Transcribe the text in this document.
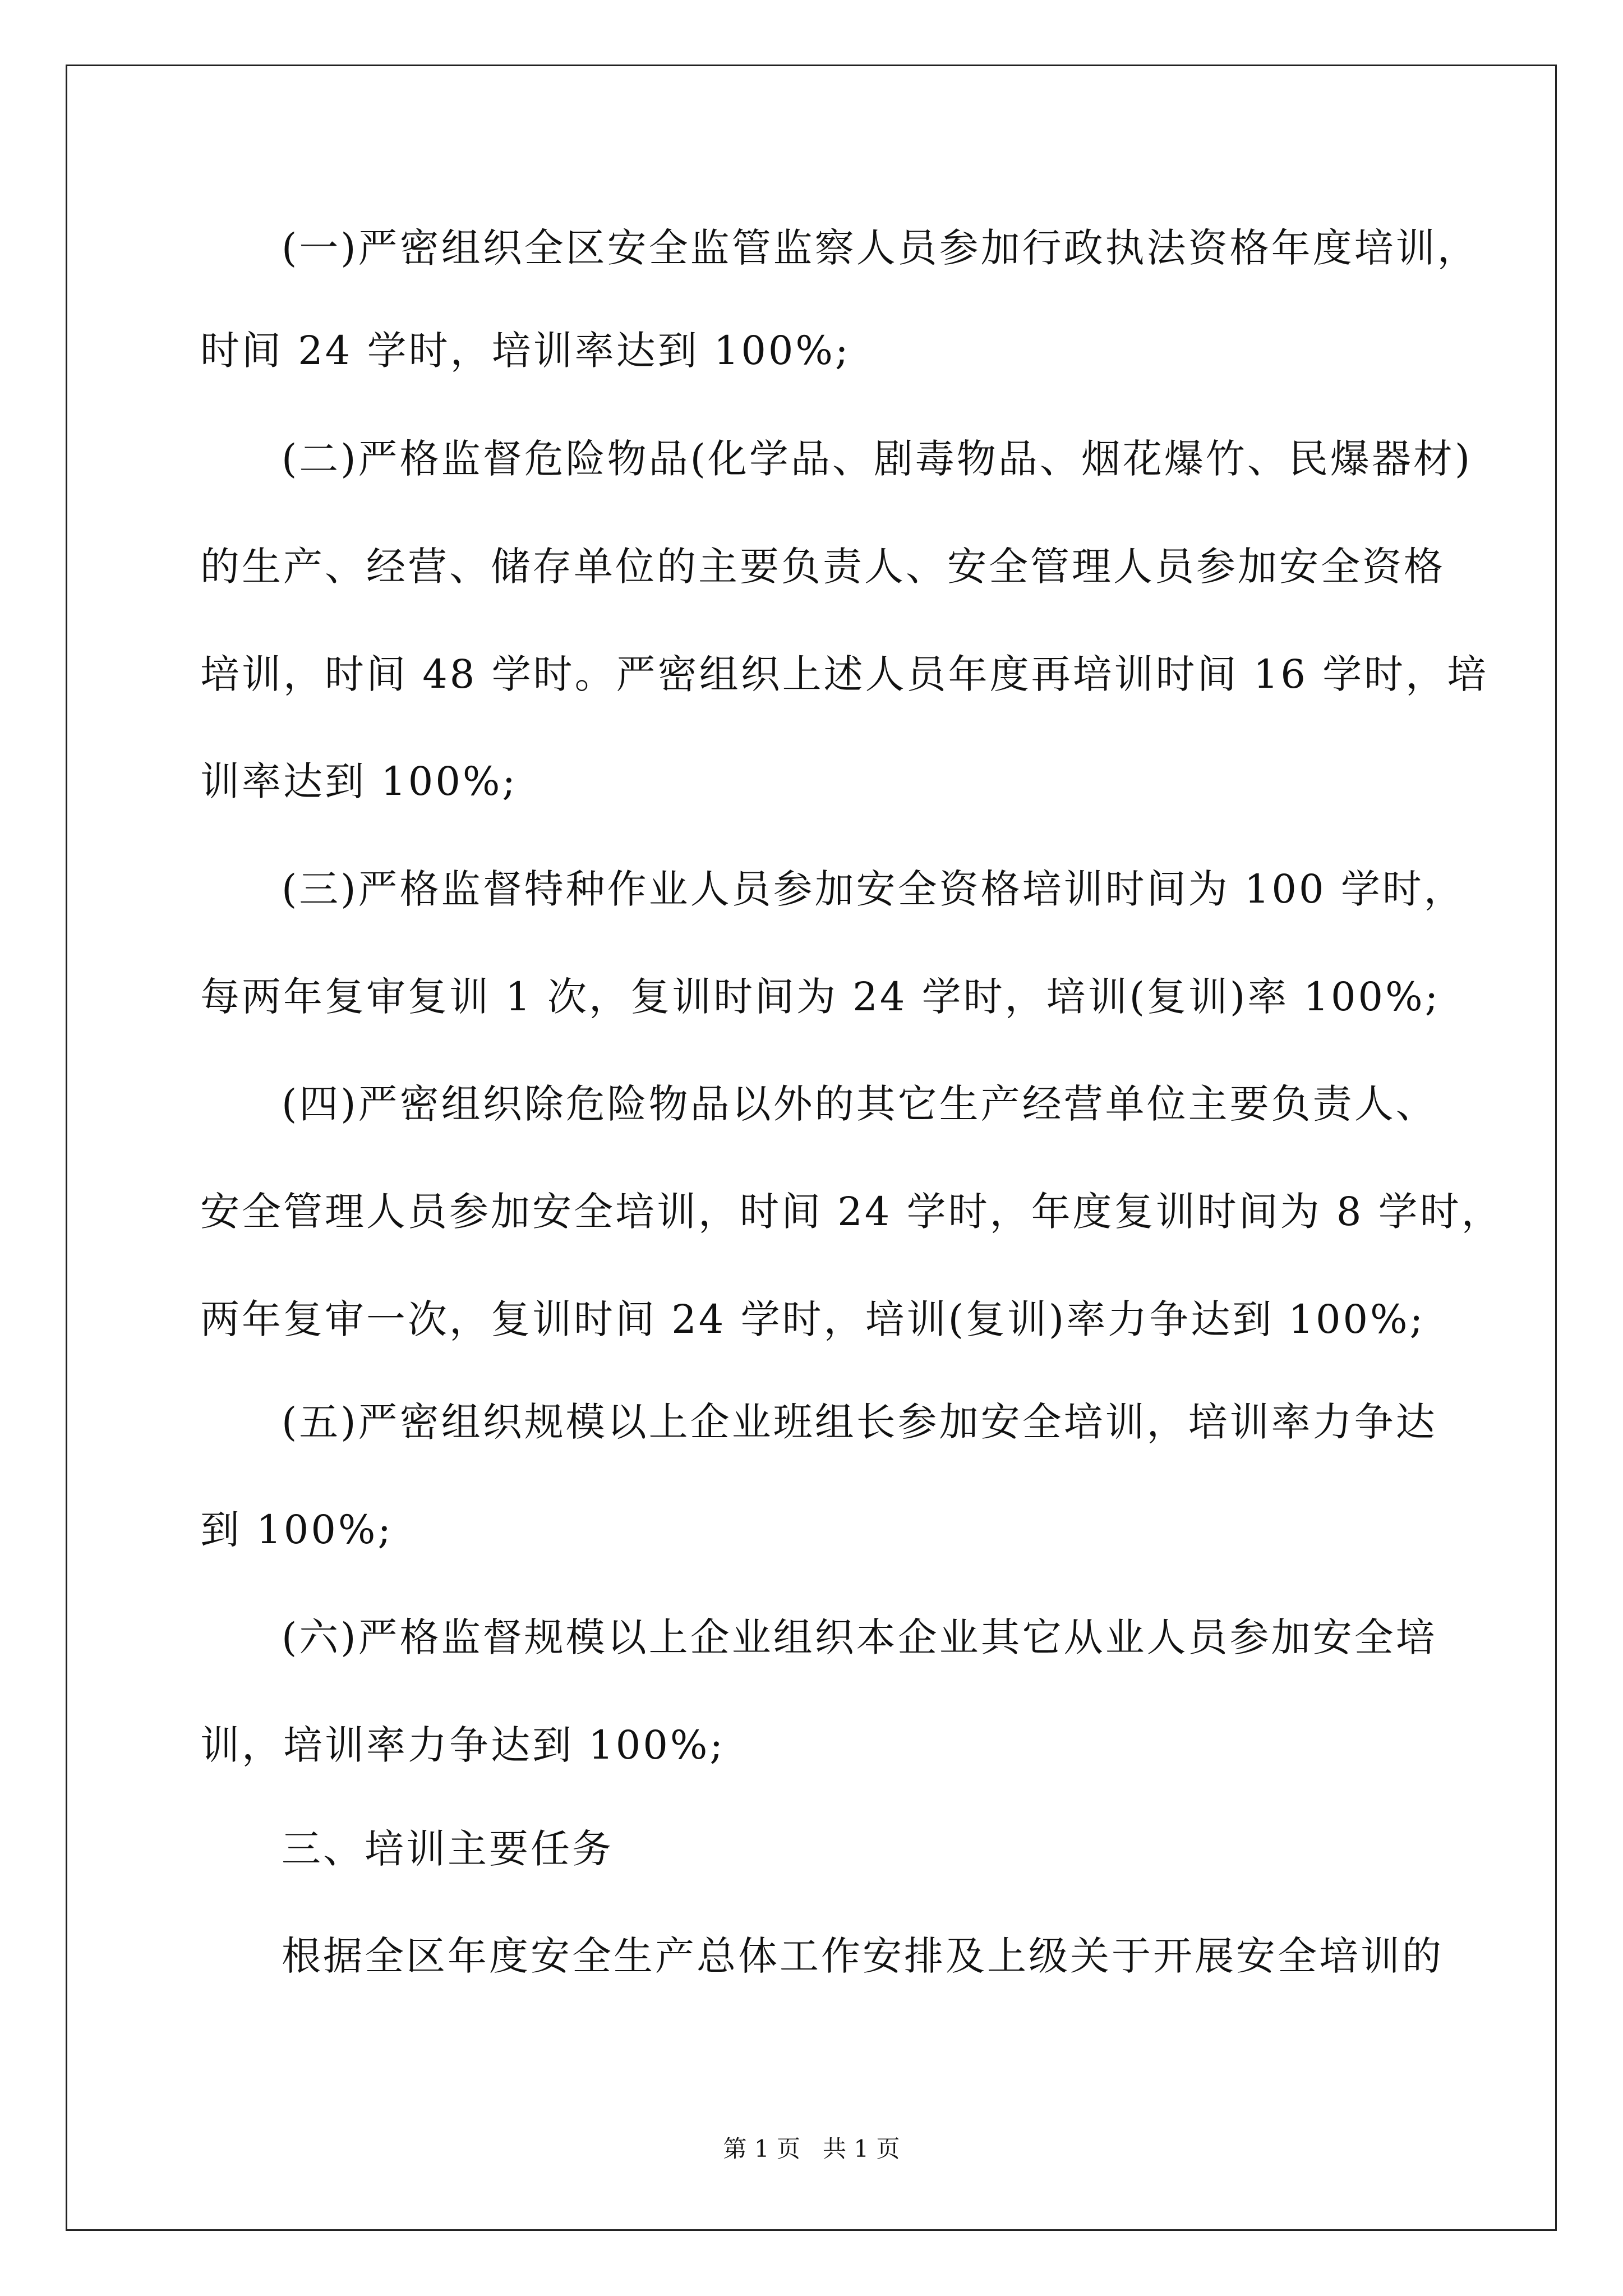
(一)严密组织全区安全监管监察人员参加行政执法资格年度培训，
时间 24 学时，培训率达到 100%;
(二)严格监督危险物品(化学品、剧毒物品、烟花爆竹、民爆器材)
的生产、经营、储存单位的主要负责人、安全管理人员参加安全资格
培训，时间 48 学时。严密组织上述人员年度再培训时间 16 学时，培
训率达到 100%;
(三)严格监督特种作业人员参加安全资格培训时间为 100 学时，
每两年复审复训 1 次，复训时间为 24 学时，培训(复训)率 100%;
(四)严密组织除危险物品以外的其它生产经营单位主要负责人、
安全管理人员参加安全培训，时间 24 学时，年度复训时间为 8 学时，
两年复审一次，复训时间 24 学时，培训(复训)率力争达到 100%;
(五)严密组织规模以上企业班组长参加安全培训，培训率力争达
到 100%;
(六)严格监督规模以上企业组织本企业其它从业人员参加安全培
训，培训率力争达到 100%;
三、培训主要任务
根据全区年度安全生产总体工作安排及上级关于开展安全培训的
第 1 页   共 1 页
